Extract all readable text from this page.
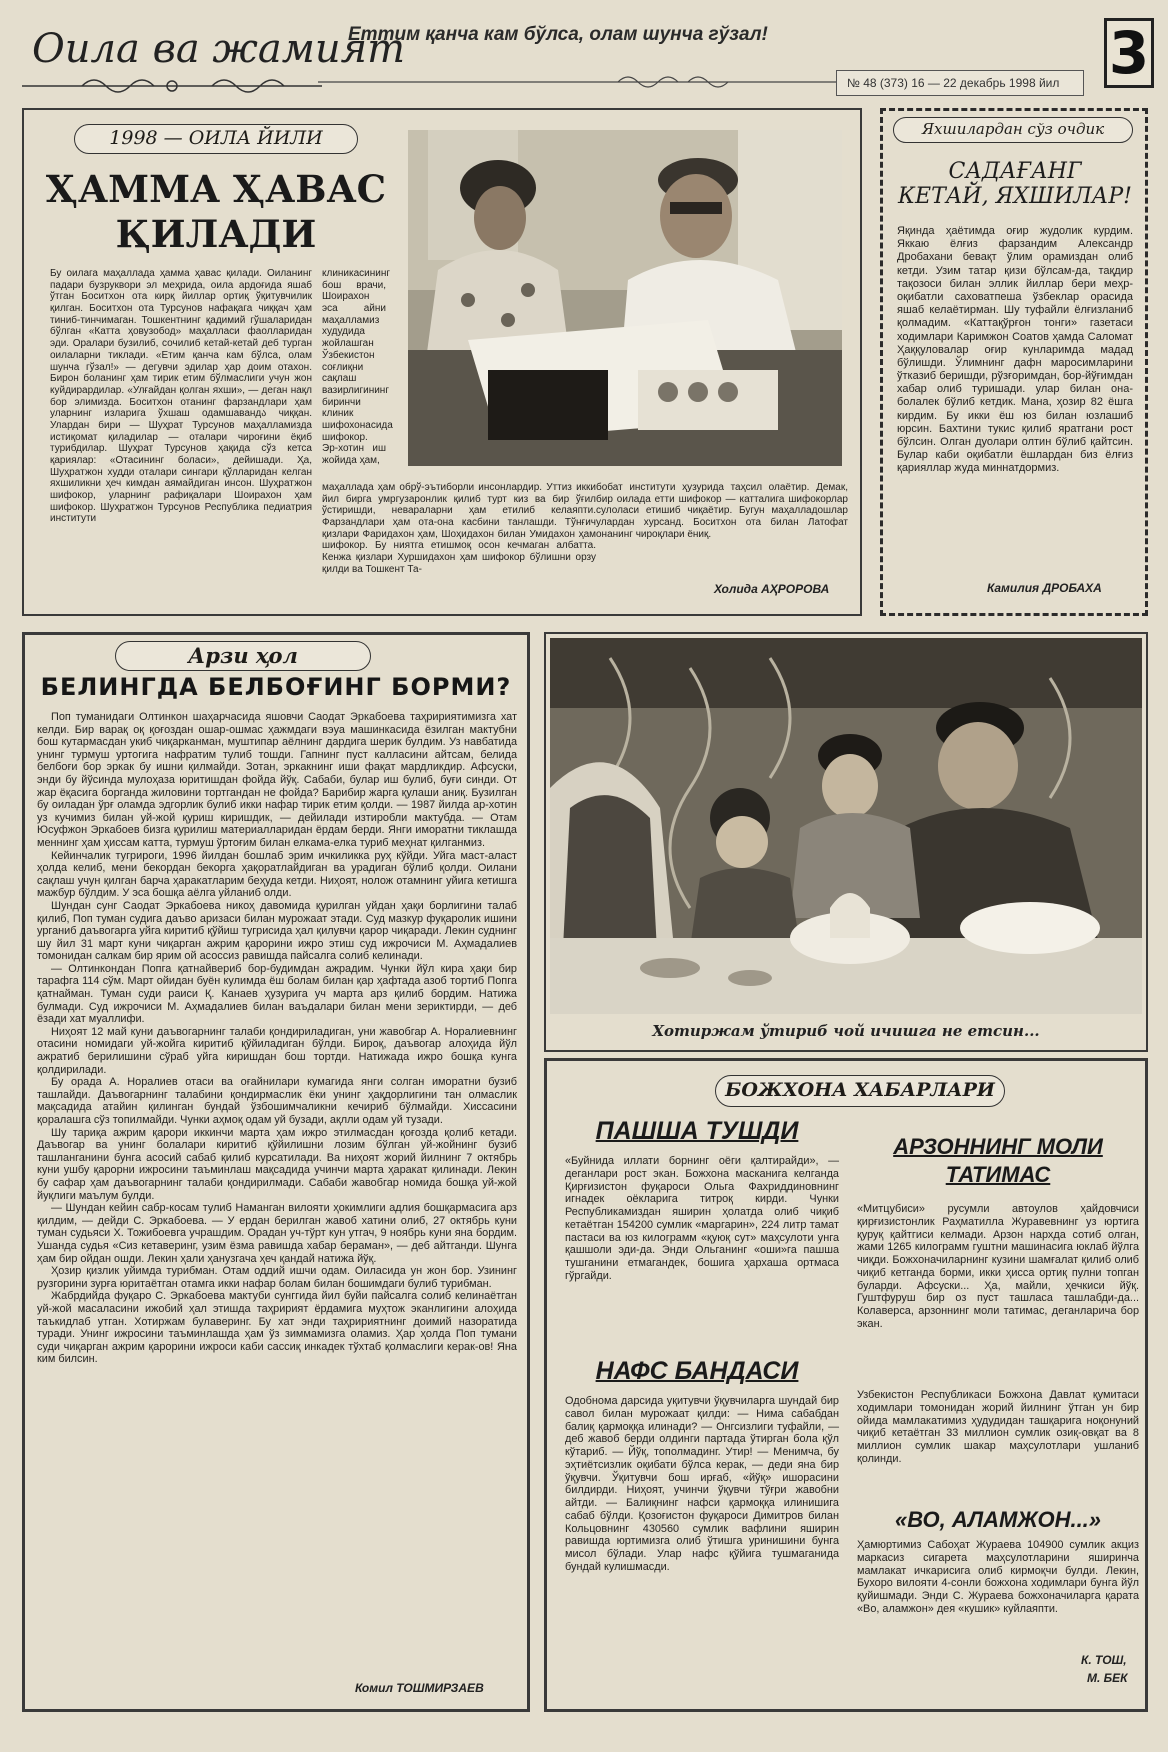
Оила ва жамият
Еттим қанча кам бўлса, олам шунча гўзал!
№ 48 (373) 16 — 22 декабрь 1998 йил 3
1998 — ОИЛА ЙИЛИ
ҲАММА ҲАВАС
ҚИЛАДИ
Бу оилага маҳаллада ҳамма ҳавас қилади. Оиланинг падари бузруквори эл меҳрида, оила ардоғида яшаб ўтган Боситхон ота кирқ йиллар ортиқ ўқитувчилик қилган. Боситхон ота Турсунов нафақага чиққач ҳам тиниб-тинчимаган. Тошкентнинг қадимий гўшаларидан бўлган «Катта ҳовузобод» маҳалласи фаолларидан эди. Оралари бузилиб, сочилиб кетай-кетай деб турган оилаларни тиклади. «Етим қанча кам бўлса, олам шунча гўзал!» — дегувчи эдилар ҳар доим отахон. Бирон боланинг ҳам тирик етим бўлмаслиги учун жон куйдирардилар. «Улғайдан қолган яхши», — деган нақл бор элимизда. Боситхон отанинг фарзандлари ҳам уларнинг изларига ўхшаш одамшавандა чиққан. Улардан бири — Шуҳрат Турсунов маҳалламизда истиқомат қиладилар — оталари чироғини ёқиб турибдилар. Шуҳрат Турсунов ҳақида сўз кетса қариялар: «Отасининг боласи», дейишади. Ҳа, Шуҳратжон худди оталари сингари қўлларидан келган яхшиликни ҳеч кимдан аямайдиган инсон. Шуҳратжон шифокор, уларнинг рафиқалари Шоирахон ҳам шифокор. Шуҳратжон Турсунов Республика педиатрия институти
клиникасининг бош врачи, Шоирахон эса айни маҳалламиз худудида жойлашган Ўзбекистон соғлиқни сақлаш вазирлигининг биринчи клиник шифохонасида шифокор. Эр-хотин иш жойида ҳам,
маҳаллада ҳам обрў-эътиборли инсонлардир. Уттиз икки йил бирга умргузаронлик қилиб турт киз ва бир ўғил ўстиришди, невараларни ҳам етилиб келаяпти. Фарзандлари ҳам ота-она касбини танлашди. Тўнғич қизлари Фаридахон ҳам, Шоҳидахон билан Умидахон ҳам шифокор. Бу ниятга етишмоқ осон кечмаган албатта. Кенжа қизлари Хуршидахон ҳам шифокор бўлишни орзу қилди ва Тошкент Та-
бобат институти ҳузурида таҳсил олаётир. Демак, бир оилада етти шифокор — катталига шифокорлар сулоласи етишиб чиқаётир. Бугун маҳалладошлар улардан хурсанд. Боситхон ота билан Латофат онанинг чироқлари ёниқ.
Холида АҲРОРОВА
Яхшилардан сўз очдик
САДАҒАНГ
КЕТАЙ, ЯХШИЛАР!
Яқинда ҳаётимда оғир жудолик курдим. Яккаю ёлғиз фарзандим Александр Дробахани бевақт ўлим орамиздан олиб кетди. Узим татар қизи бўлсам-да, тақдир тақозоси билан эллик йиллар бери меҳр-оқибатли саховатпеша ўзбеклар орасида яшаб келаётирман. Шу туфайли ёлғизланиб қолмадим. «Каттақўрғон тонги» газетаси ходимлари Каримжон Соатов ҳамда Саломат Ҳаққуловалар оғир кунларимда мадад бўлишди. Ўлимнинг дафн маросимларини ўтказиб беришди, рўзғоримдан, бор-йўғимдан хабар олиб туришади. улар билан она-болалек бўлиб кетдик. Мана, ҳозир 82 ёшга кирдим. Бу икки ёш юз билан юзлашиб юрсин. Бахтини тукис қилиб яратгани рост бўлсин. Олган дуолари олтин бўлиб қайтсин. Булар каби оқибатли ёшлардан биз ёлғиз қарияллар жуда миннатдормиз.
Камилия ДРОБАХА
Арзи ҳол
БЕЛИНГДА БЕЛБОҒИНГ БОРМИ?

Поп туманидаги Олтинкон шаҳарчасида яшовчи Саодат Эркабоева таҳририятимизга хат келди. Бир варақ оқ қоғоздан ошар-ошмас ҳажмдаги вэуа машинкасида ёзилган мактубни бош кутармасдан укиб чиқарканман, муштипар аёлнинг дардига шерик булдим. Уз навбатида унинг турмуш уртогига нафратим тулиб тошди. Гапнинг пуст калласини айтсам, белида белбоғи бор эркак бу ишни қилмайди. Зотан, эркакнинг иши фақат мардликдир. Афсуски, энди бу йўсинда мулоҳаза юритишдан фойда йўқ. Сабаби, булар иш булиб, буғи синди. От жар ёқасига борганда жиловини тортгандан не фойда? Барибир жарга қулаши аниқ. Бузилган бу оиладан ўрғ оламда эдгорлик булиб икки нафар тирик етим қолди. — 1987 йилда ар-хотин уз кучимиз билан уй-жой қуриш киришдик, — дейилади изтиробли мактубда. — Отам Юсуфжон Эркабоев бизга қурилиш материалларидан ёрдам берди. Янги иморатни тиклашда меннинг ҳам ҳиссам катта, турмуш ўртоғим билан елкама-елка туриб меҳнат қилганмиз.

Кейинчалик тугрироги, 1996 йилдан бошлаб эрим ичкиликка руҳ кўйди. Уйга маст-аласт ҳолда келиб, мени бекордан бекорга ҳақоратлайдиган ва урадиган бўлиб қолди. Оилани сақлаш учун қилган барча ҳаракатларим беҳуда кетди. Ниҳоят, нолож отамнинг уйига кетишга мажбур бўлдим. У эса бошқа аёлга уйланиб олди.

Шундан сунг Саодат Эркабоева никоҳ давомида қурилган уйдан ҳақи борлигини талаб қилиб, Поп туман судига даъво аризаси билан мурожаат этади. Суд мазкур фуқаролик ишини урганиб даъвогарга уйга киритиб қўйиш тугрисида ҳал қилувчи қарор чиқаради. Лекин суднинг шу йил 31 март куни чиқарган ажрим қарорини ижро этиш суд ижрочиси М. Аҳмадалиев томонидан салкам бир ярим ой асоссиз равишда пайсалга солиб келинади.

— Олтинкондан Попга қатнайвериб бор-будимдан ажрадим. Чунки йўл кира ҳақи бир тарафга 114 сўм. Март ойидан буён кулимда ёш болам билан қар ҳафтада азоб тортиб Попга қатнайман. Туман суди раиси Қ. Канаев ҳузурига уч марта арз қилиб бордим. Натижа булмади. Суд ижрочиси М. Аҳмадалиев билан ваъдалари билан мени зериктирди, — деб ёзади хат муаллифи.

Ниҳоят 12 май куни даъвогарнинг талаби қондириладиган, уни жавобгар А. Норалиевнинг отасини номидаги уй-жойга киритиб қўйиладиган бўлди. Бироқ, даъвогар алоҳида йўл ажратиб берилишини сўраб уйга киришдан бош тортди. Натижада ижро бошқа кунга қолдирилади.

Бу орада А. Норалиев отаси ва оғайнилари кумагида янги солган иморатни бузиб ташлайди. Даъвогарнинг талабини қондирмаслик ёки унинг ҳақдорлигини тан олмаслик мақсадида атайин қилинган бундай ўзбошимчаликни кечириб бўлмайди. Хиссасини қоралашга сўз топилмайди. Чунки аҳмоқ одам уй бузади, ақлли одам уй тузади.

Шу тариқа ажрим қарори иккинчи марта ҳам ижро этилмасдан қоғозда қолиб кетади. Даъвогар ва унинг болалари киритиб қўйилишни лозим бўлган уй-жойнинг бузиб ташланганини бунга асосий сабаб қилиб курсатилади. Ва ниҳоят жорий йилнинг 7 октябрь куни ушбу қарорни ижросини таъминлаш мақсадида учинчи марта ҳаракат қилинади. Лекин бу сафар ҳам даъвогарнинг талаби қондирилмади. Сабаби жавобгар номида бошқа уй-жой йуқлиги маълум булди.

— Шундан кейин сабр-косам тулиб Наманган вилояти ҳокимлиги адлия бошқармасига арз қилдим, — дейди С. Эркабоева. — У ердан берилган жавоб хатини олиб, 27 октябрь куни туман судьяси Х. Тожибоевга учрашдим. Орадан уч-тўрт кун утгач, 9 ноябрь куни яна бордим. Ушанда судья «Сиз кетаверинг, узим ёзма равишда хабар бераман», — деб айтганди. Шунга ҳам бир ойдан ошди. Лекин ҳали ҳанузгача ҳеч қандай натижа йўқ.

Ҳозир қизлик уйимда турибман. Отам оддий ишчи одам. Оиласида ун жон бор. Узининг рузгорини зурға юритаётган отамга икки нафар болам билан бошимдаги булиб турибман.

Жабрдийда фуқаро С. Эркабоева мактуби сунггида йил буйи пайсалга солиб келинаётган уй-жой масаласини ижобий ҳал этишда таҳририят ёрдамига муҳтож эканлигини алоҳида таъкидлаб утган. Хотиржам булаверинг. Бу хат энди таҳририятнинг доимий назоратида туради. Унинг ижросини таъминлашда ҳам ўз зиммамизга оламиз. Ҳар ҳолда Поп тумани суди чиқарган ажрим қарорини ижроси каби сассиқ инкадек тўхтаб қолмаслиги керак-ов! Яна ким билсин.

Комил ТОШМИРЗАЕВ
Хотиржам ўтириб чой ичишга не етсин...
БОЖХОНА ХАБАРЛАРИ
ПАШША ТУШДИ
«Буйнида иллати борнинг оёги қалтирайди», — деганлари рост экан. Божхона масканига келганда Қирғизистон фуқароси Ольга Фахриддиновнинг игнадек оёкларига титроқ кирди. Чунки Республикамиздан яширин ҳолатда олиб чиқиб кетаётган 154200 сумлик «маргарин», 224 литр тамат пастаси ва юз килограмм «қуюқ сут» маҳсулоти унга қашшоли эди-да. Энди Ольганинг «оши»га пашша тушганини етмагандек, бошига ҳархаша ортмаса гўргайди.
НАФС БАНДАСИ
Одобнома дарсида уқитувчи ўқувчиларга шундай бир савол билан мурожаат қилди: — Нима сабабдан балиқ қармоққа илинади? — Онгсизлиги туфайли, — деб жавоб берди олдинги партада ўтирган бола қўл кўтариб. — Йўқ, тополмадинг. Утир! — Менимча, бу эҳтиётсизлик оқибати бўлса керак, — деди яна бир ўқувчи. Ўқитувчи бош ирғаб, «йўқ» ишорасини билдирди. Ниҳоят, учинчи ўқувчи тўғри жавобни айтди. — Балиқнинг нафси қармоққа илинишига сабаб бўлди. Қозоғистон фуқароси Димитров билан Кольцовнинг 430560 сумлик вафлини яширин равишда юртимизга олиб ўтишга уринишини бунга мисол бўлади. Улар нафс қўйига тушмаганида бундай кулишмасди.
АРЗОННИНГ МОЛИ
ТАТИМАС
«Митцубиси» русумли автоулов ҳайдовчиси қирғизистонлик Раҳматилла Журавевнинг уз юртига қуруқ қайтгиси келмади. Арзон нархда сотиб олган, жами 1265 килограмм гуштни машинасига юклаб йўлга чиқди. Божхоначиларнинг кузини шамғалат қилиб олиб чиқиб кетганда борми, икки ҳисса ортиқ пулни топган буларди. Афсуски... Ҳа, майли, ҳечкиси йўқ. Гуштфуруш бир оз пуст ташласа ташлабди-да... Колаверса, арзоннинг моли татимас, деганларича бор экан.
Узбекистон Республикаси Божхона Давлат қумитаси ходимлари томонидан жорий йилнинг ўтган ун бир ойида мамлакатимиз ҳудудидан ташқарига ноқонуний чиқиб кетаётган 33 миллион сумлик озиқ-овқат ва 8 миллион сумлик шакар маҳсулотлари ушланиб қолинди.
«ВО, АЛАМЖОН...»
Ҳамюртимиз Сабоҳат Жураева 104900 сумлик акциз маркасиз сигарета маҳсулотларини яширинча мамлакат ичкарисига олиб кирмоқчи булди. Лекин, Бухоро вилояти 4-сонли божхона ходимлари бунга йўл қуйишмади. Энди С. Жураева божхоначиларга қарата «Во, аламжон» дея «кушик» куйлаяпти.
К. ТОШ,
М. БЕК
